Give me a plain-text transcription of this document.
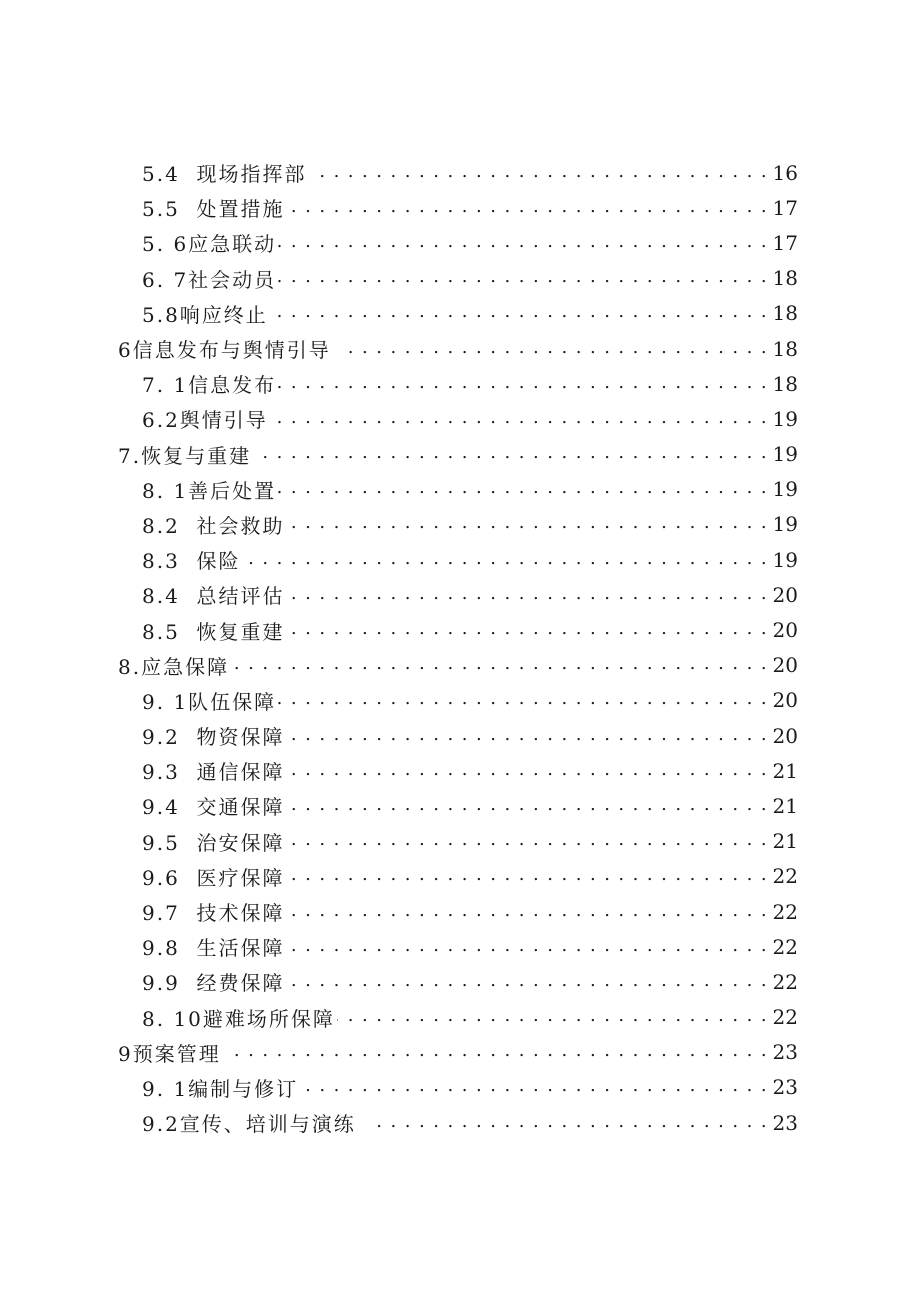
5.4  现场指挥部 . . .	16
5.5  处置措施 . . .	17
5. 6应急联动 . . .	17
6. 7社会动员 . . .	18
5.8响应终止 . . .	18
6信息发布与舆情引导 . . .	18
7. 1信息发布 . . .	18
6.2舆情引导 . . .	19
7.恢复与重建 . . .	19
8. 1善后处置 . . .	19
8.2  社会救助 . . .	19
8.3  保险 . . .	19
8.4  总结评估 . . .	20
8.5  恢复重建 . . .	20
8.应急保障 . . .	20
9. 1队伍保障 . . .	20
9.2  物资保障 . . .	20
9.3  通信保障 . . .	21
9.4  交通保障 . . .	21
9.5  治安保障 . . .	21
9.6  医疗保障 . . .	22
9.7  技术保障 . . .	22
9.8  生活保障 . . .	22
9.9  经费保障 . . .	22
8. 10避难场所保障 . . .	22
9预案管理 . . .	23
9. 1编制与修订 . . .	23
9.2宣传、培训与演练 . . .	23
